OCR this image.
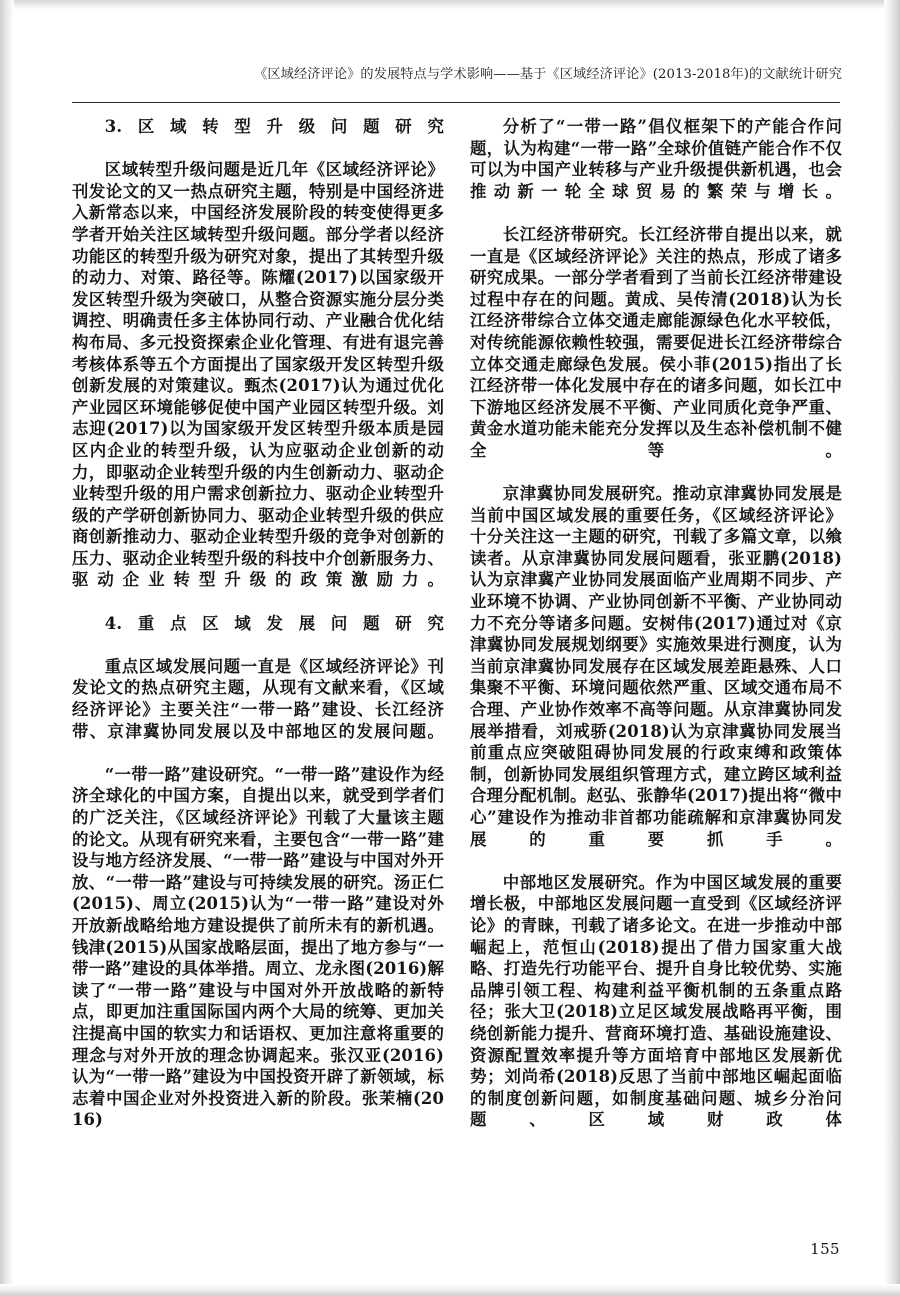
《区域经济评论》的发展特点与学术影响——基于《区域经济评论》(2013-2018年)的文献统计研究

3.区域转型升级问题研究

区域转型升级问题是近几年《区域经济评论》刊发论文的又一热点研究主题，特别是中国经济进入新常态以来，中国经济发展阶段的转变使得更多学者开始关注区域转型升级问题。部分学者以经济功能区的转型升级为研究对象，提出了其转型升级的动力、对策、路径等。陈耀(2017)以国家级开发区转型升级为突破口，从整合资源实施分层分类调控、明确责任多主体协同行动、产业融合优化结构布局、多元投资探索企业化管理、有进有退完善考核体系等五个方面提出了国家级开发区转型升级创新发展的对策建议。甄杰(2017)认为通过优化产业园区环境能够促使中国产业园区转型升级。刘志迎(2017)以为国家级开发区转型升级本质是园区内企业的转型升级，认为应驱动企业创新的动力，即驱动企业转型升级的内生创新动力、驱动企业转型升级的用户需求创新拉力、驱动企业转型升级的产学研创新协同力、驱动企业转型升级的供应商创新推动力、驱动企业转型升级的竞争对创新的压力、驱动企业转型升级的科技中介创新服务力、驱动企业转型升级的政策激励力。

4.重点区域发展问题研究

重点区域发展问题一直是《区域经济评论》刊发论文的热点研究主题，从现有文献来看，《区域经济评论》主要关注“一带一路”建设、长江经济带、京津冀协同发展以及中部地区的发展问题。

“一带一路”建设研究。“一带一路”建设作为经济全球化的中国方案，自提出以来，就受到学者们的广泛关注，《区域经济评论》刊载了大量该主题的论文。从现有研究来看，主要包含“一带一路”建设与地方经济发展、“一带一路”建设与中国对外开放、“一带一路”建设与可持续发展的研究。汤正仁(2015)、周立(2015)认为“一带一路”建设对外开放新战略给地方建设提供了前所未有的新机遇。钱津(2015)从国家战略层面，提出了地方参与“一带一路”建设的具体举措。周立、龙永图(2016)解读了“一带一路”建设与中国对外开放战略的新特点，即更加注重国际国内两个大局的统筹、更加关注提高中国的软实力和话语权、更加注意将重要的理念与对外开放的理念协调起来。张汉亚(2016)认为“一带一路”建设为中国投资开辟了新领域，标志着中国企业对外投资进入新的阶段。张茉楠(2016)

分析了“一带一路”倡仪框架下的产能合作问题，认为构建“一带一路”全球价值链产能合作不仅可以为中国产业转移与产业升级提供新机遇，也会推动新一轮全球贸易的繁荣与增长。

长江经济带研究。长江经济带自提出以来，就一直是《区域经济评论》关注的热点，形成了诸多研究成果。一部分学者看到了当前长江经济带建设过程中存在的问题。黄成、吴传清(2018)认为长江经济带综合立体交通走廊能源绿色化水平较低，对传统能源依赖性较强，需要促进长江经济带综合立体交通走廊绿色发展。侯小菲(2015)指出了长江经济带一体化发展中存在的诸多问题，如长江中下游地区经济发展不平衡、产业同质化竞争严重、黄金水道功能未能充分发挥以及生态补偿机制不健全等。

京津冀协同发展研究。推动京津冀协同发展是当前中国区域发展的重要任务，《区域经济评论》十分关注这一主题的研究，刊载了多篇文章，以飨读者。从京津冀协同发展问题看，张亚鹏(2018)认为京津冀产业协同发展面临产业周期不同步、产业环境不协调、产业协同创新不平衡、产业协同动力不充分等诸多问题。安树伟(2017)通过对《京津冀协同发展规划纲要》实施效果进行测度，认为当前京津冀协同发展存在区域发展差距悬殊、人口集聚不平衡、环境问题依然严重、区域交通布局不合理、产业协作效率不高等问题。从京津冀协同发展举措看，刘戒骄(2018)认为京津冀协同发展当前重点应突破阻碍协同发展的行政束缚和政策体制，创新协同发展组织管理方式，建立跨区域利益合理分配机制。赵弘、张静华(2017)提出将“微中心”建设作为推动非首都功能疏解和京津冀协同发展的重要抓手。

中部地区发展研究。作为中国区域发展的重要增长极，中部地区发展问题一直受到《区域经济评论》的青睐，刊载了诸多论文。在进一步推动中部崛起上，范恒山(2018)提出了借力国家重大战略、打造先行功能平台、提升自身比较优势、实施品牌引领工程、构建利益平衡机制的五条重点路径；张大卫(2018)立足区域发展战略再平衡，围绕创新能力提升、营商环境打造、基础设施建设、资源配置效率提升等方面培育中部地区发展新优势；刘尚希(2018)反思了当前中部地区崛起面临的制度创新问题，如制度基础问题、城乡分治问题、区域财政体

155
